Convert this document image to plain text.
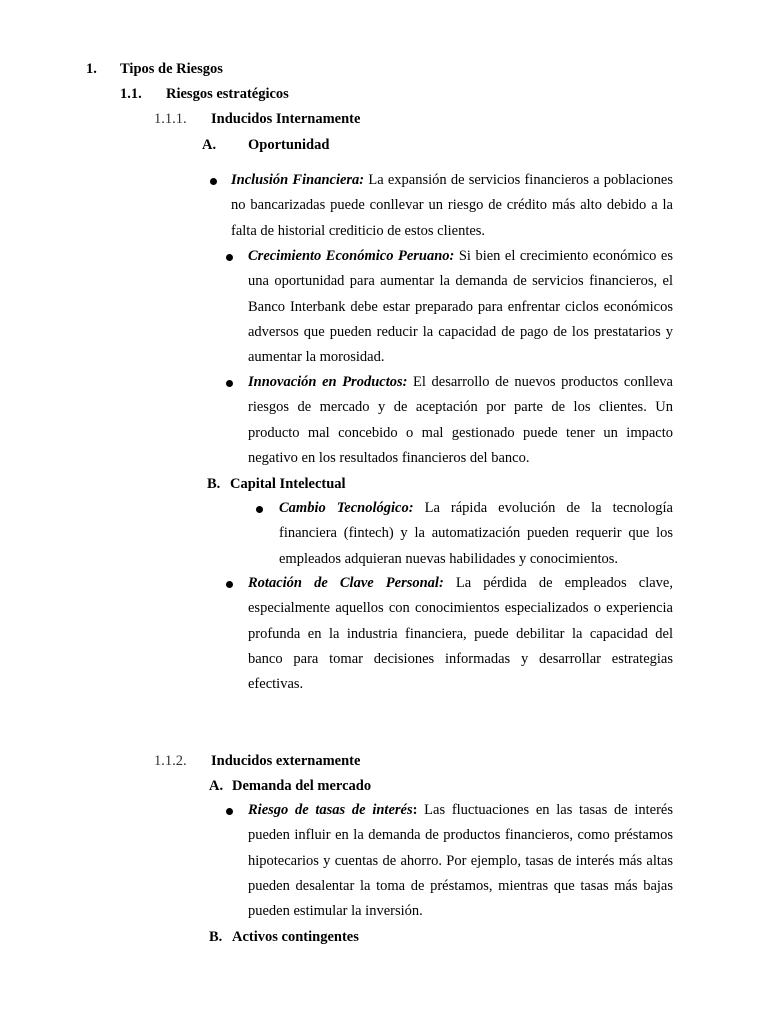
1. Tipos de Riesgos
1.1. Riesgos estratégicos
1.1.1. Inducidos Internamente
A. Oportunidad

Inclusión Financiera: La expansión de servicios financieros a poblaciones no bancarizadas puede conllevar un riesgo de crédito más alto debido a la falta de historial crediticio de estos clientes.

Crecimiento Económico Peruano: Si bien el crecimiento económico es una oportunidad para aumentar la demanda de servicios financieros, el Banco Interbank debe estar preparado para enfrentar ciclos económicos adversos que pueden reducir la capacidad de pago de los prestatarios y aumentar la morosidad.

Innovación en Productos: El desarrollo de nuevos productos conlleva riesgos de mercado y de aceptación por parte de los clientes. Un producto mal concebido o mal gestionado puede tener un impacto negativo en los resultados financieros del banco.

B. Capital Intelectual

Cambio Tecnológico: La rápida evolución de la tecnología financiera (fintech) y la automatización pueden requerir que los empleados adquieran nuevas habilidades y conocimientos.

Rotación de Clave Personal: La pérdida de empleados clave, especialmente aquellos con conocimientos especializados o experiencia profunda en la industria financiera, puede debilitar la capacidad del banco para tomar decisiones informadas y desarrollar estrategias efectivas.

1.1.2. Inducidos externamente
A. Demanda del mercado

Riesgo de tasas de interés: Las fluctuaciones en las tasas de interés pueden influir en la demanda de productos financieros, como préstamos hipotecarios y cuentas de ahorro. Por ejemplo, tasas de interés más altas pueden desalentar la toma de préstamos, mientras que tasas más bajas pueden estimular la inversión.

B. Activos contingentes
